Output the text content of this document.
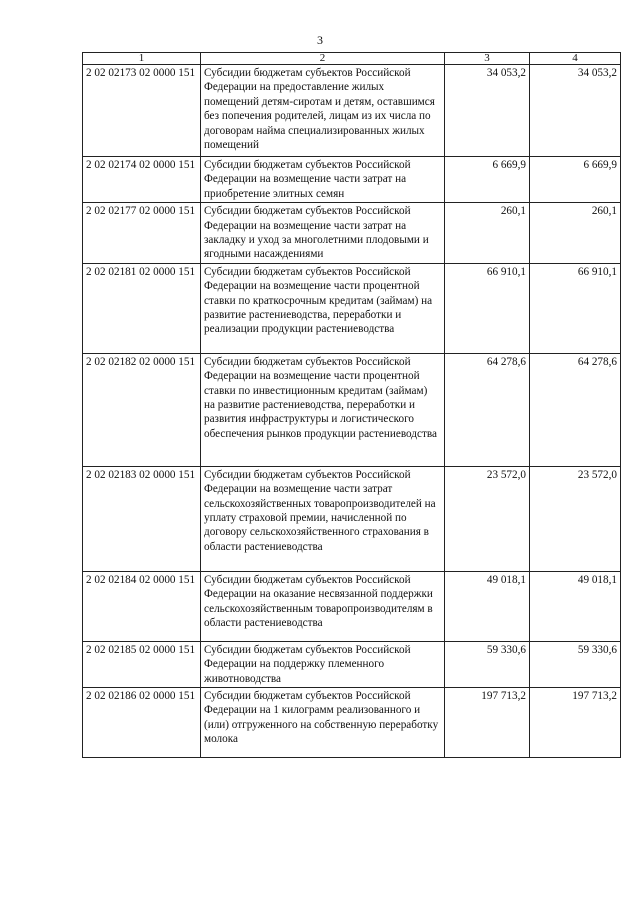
3
1	2	3	4
2 02 02173 02 0000 151	Субсидии бюджетам субъектов Российской Федерации на предоставление жилых помещений детям-сиротам и детям, оставшимся без попечения родителей, лицам из их числа по договорам найма специализированных жилых помещений	34 053,2	34 053,2
2 02 02174 02 0000 151	Субсидии бюджетам субъектов Российской Федерации на возмещение части затрат на приобретение элитных семян	6 669,9	6 669,9
2 02 02177 02 0000 151	Субсидии бюджетам субъектов Российской Федерации на возмещение части затрат на закладку и уход за многолетними плодовыми и ягодными насаждениями	260,1	260,1
2 02 02181 02 0000 151	Субсидии бюджетам субъектов Российской Федерации на возмещение части процентной ставки по краткосрочным кредитам (займам) на развитие растениеводства, переработки и реализации продукции растениеводства	66 910,1	66 910,1
2 02 02182 02 0000 151	Субсидии бюджетам субъектов Российской Федерации на возмещение части процентной ставки по инвестиционным кредитам (займам) на развитие растениеводства, переработки и развития инфраструктуры и логистического обеспечения рынков продукции растениеводства	64 278,6	64 278,6
2 02 02183 02 0000 151	Субсидии бюджетам субъектов Российской Федерации на возмещение части затрат сельскохозяйственных товаропроизводителей на уплату страховой премии, начисленной по договору сельскохозяйственного страхования в области растениеводства	23 572,0	23 572,0
2 02 02184 02 0000 151	Субсидии бюджетам субъектов Российской Федерации на оказание несвязанной поддержки сельскохозяйственным товаропроизводителям в области растениеводства	49 018,1	49 018,1
2 02 02185 02 0000 151	Субсидии бюджетам субъектов Российской Федерации на поддержку племенного животноводства	59 330,6	59 330,6
2 02 02186 02 0000 151	Субсидии бюджетам субъектов Российской Федерации на 1 килограмм реализованного и (или) отгруженного на собственную переработку молока	197 713,2	197 713,2
